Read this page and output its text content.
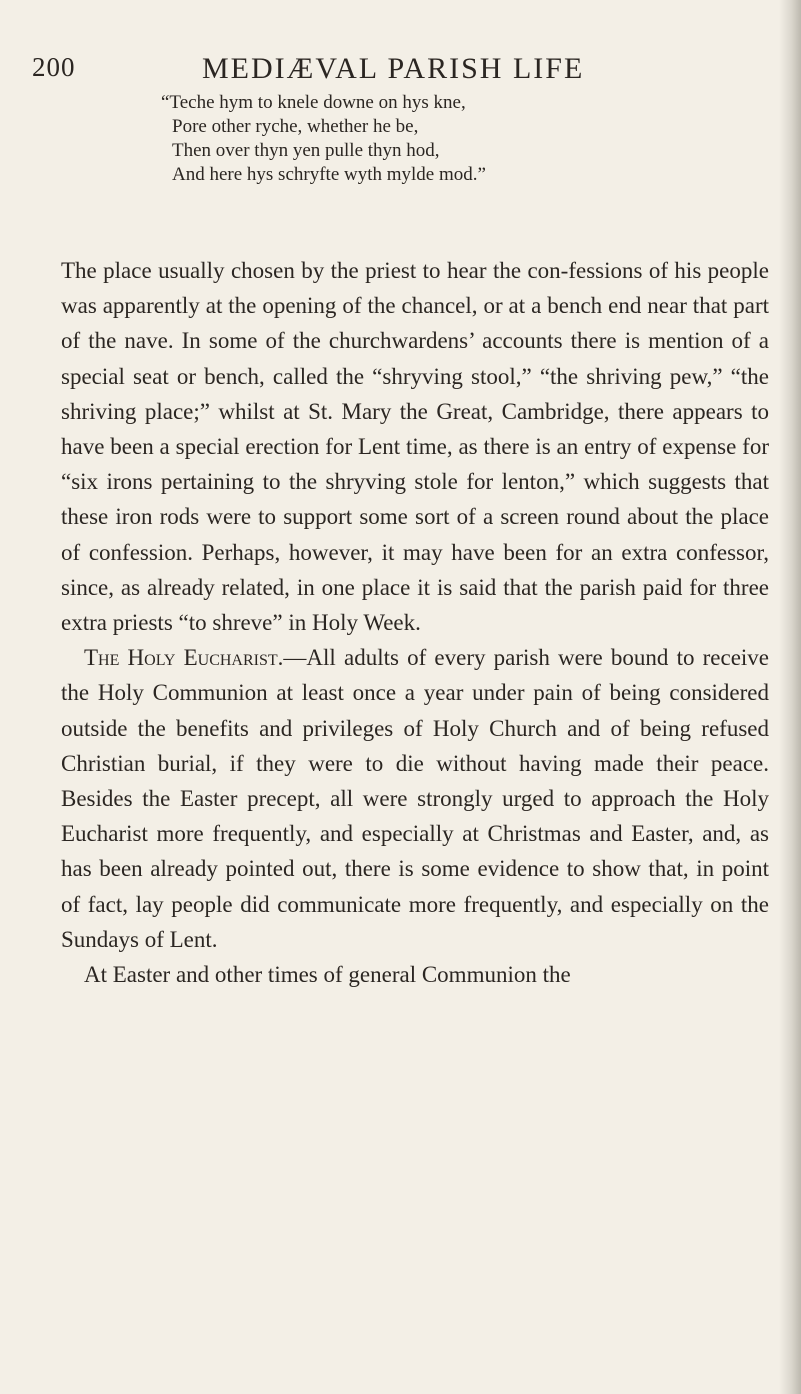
200	MEDIÆVAL PARISH LIFE
“Teche hym to knele downe on hys kne,
Pore other ryche, whether he be,
Then over thyn yen pulle thyn hod,
And here hys schryfte wyth mylde mod.”

The place usually chosen by the priest to hear the con-fessions of his people was apparently at the opening of the chancel, or at a bench end near that part of the nave. In some of the churchwardens’ accounts there is mention of a special seat or bench, called the “shryving stool,” “the shriving pew,” “the shriving place;” whilst at St. Mary the Great, Cambridge, there appears to have been a special erection for Lent time, as there is an entry of expense for “six irons pertaining to the shryving stole for lenton,” which suggests that these iron rods were to support some sort of a screen round about the place of confession. Perhaps, however, it may have been for an extra confessor, since, as already related, in one place it is said that the parish paid for three extra priests “to shreve” in Holy Week.

The Holy Eucharist.—All adults of every parish were bound to receive the Holy Communion at least once a year under pain of being considered outside the benefits and privileges of Holy Church and of being refused Christian burial, if they were to die without having made their peace. Besides the Easter precept, all were strongly urged to approach the Holy Eucharist more frequently, and especially at Christmas and Easter, and, as has been already pointed out, there is some evidence to show that, in point of fact, lay people did communicate more frequently, and especially on the Sundays of Lent.

At Easter and other times of general Communion the
